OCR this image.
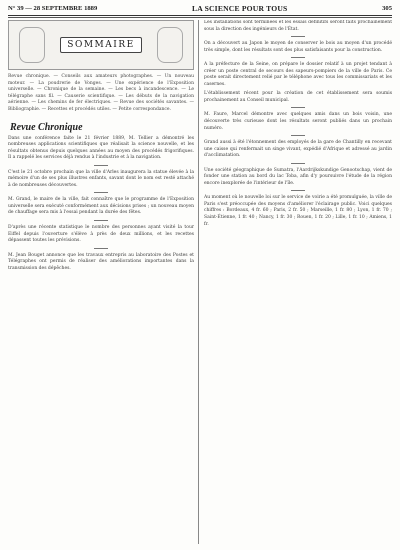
N° 39 — 28 SEPTEMBRE 1889	LA SCIENCE POUR TOUS	305
SOMMAIRE

Revue chronique. — Conseils aux amateurs photographes. — Un nouveau moteur. — La poudrerie de Vonges. — Une expérience de l'Exposition universelle. — Chronique de la semaine. — Les becs à incandescence. — Le télégraphe sans fil. — Causerie scientifique. — Les débuts de la navigation aérienne. — Les chemins de fer électriques. — Revue des sociétés savantes. — Bibliographie. — Recettes et procédés utiles. — Petite correspondance.

Revue Chronique

Dans une conférence faite le 21 février 1889, M. Tellier a démontré les nombreuses applications scientifiques que réalisait la science nouvelle, et les résultats obtenus depuis quelques années au moyen des procédés frigorifiques. Il a rappelé les services déjà rendus à l'industrie et à la navigation.

C'est le 21 octobre prochain que la ville d'Arles inaugurera la statue élevée à la mémoire d'un de ses plus illustres enfants, savant dont le nom est resté attaché à de nombreuses découvertes.

M. Grand, le maire de la ville, fait connaître que le programme de l'Exposition universelle sera exécuté conformément aux décisions prises ; un nouveau moyen de chauffage sera mis à l'essai pendant la durée des fêtes.

D'après une récente statistique le nombre des personnes ayant visité la tour Eiffel depuis l'ouverture s'élève à près de deux millions, et les recettes dépassent toutes les prévisions.

M. Jean Bouget annonce que les travaux entrepris au laboratoire des Postes et Télégraphes ont permis de réaliser des améliorations importantes dans la transmission des dépêches.

Les installations sont terminées et les essais définitifs seront faits prochainement sous la direction des ingénieurs de l'État.

On a découvert au Japon le moyen de conserver le bois au moyen d'un procédé très simple, dont les résultats sont des plus satisfaisants pour la construction.

A la préfecture de la Seine, on prépare le dossier relatif à un projet tendant à créer un poste central de secours des sapeurs-pompiers de la ville de Paris. Ce poste serait directement relié par le téléphone avec tous les commissariats et les casernes.

L'établissement récent pour la création de cet établissement sera soumis prochainement au Conseil municipal.

M. Faure, Marcel démontre avec quelques amis dans un bois voisin, une découverte très curieuse dont les résultats seront publiés dans un prochain numéro.

Grand aussi à été l'étonnement des employés de la gare de Chantilly en recevant une caisse qui renfermait un singe vivant, expédié d'Afrique et adressé au jardin d'acclimatation.

Une société géographique de Sumatra, l'Aardrijkskundige Genootschap, vient de fonder une station au bord du lac Toba, afin d'y poursuivre l'étude de la région encore inexplorée de l'intérieur de l'île.

Au moment où le nouvelle loi sur le service de voirie a été promulguée, la ville de Paris s'est préoccupée des moyens d'améliorer l'éclairage public. Voici quelques chiffres : Bordeaux, 4 fr. 60 ; Paris, 2 fr. 50 ; Marseille, 1 fr. 80 ; Lyon, 1 fr. 70 ; Saint-Étienne, 1 fr. 40 ; Nancy, 1 fr. 30 ; Rouen, 1 fr. 20 ; Lille, 1 fr. 10 ; Amiens, 1 fr.
